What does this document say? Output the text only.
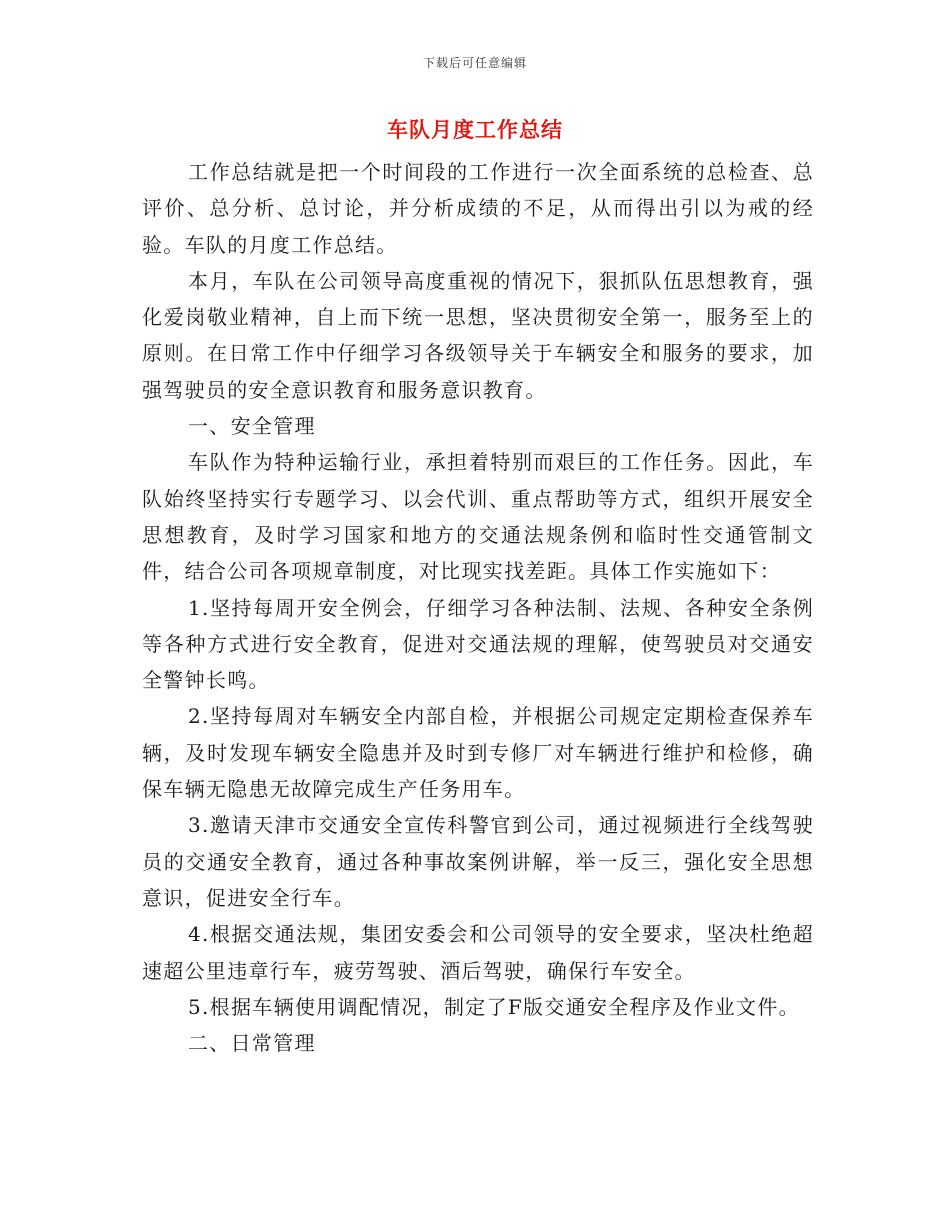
下载后可任意编辑
车队月度工作总结

工作总结就是把一个时间段的工作进行一次全面系统的总检查、总评价、总分析、总讨论，并分析成绩的不足，从而得出引以为戒的经验。车队的月度工作总结。

本月，车队在公司领导高度重视的情况下，狠抓队伍思想教育，强化爱岗敬业精神，自上而下统一思想，坚决贯彻安全第一，服务至上的原则。在日常工作中仔细学习各级领导关于车辆安全和服务的要求，加强驾驶员的安全意识教育和服务意识教育。

一、安全管理

车队作为特种运输行业，承担着特别而艰巨的工作任务。因此，车队始终坚持实行专题学习、以会代训、重点帮助等方式，组织开展安全思想教育，及时学习国家和地方的交通法规条例和临时性交通管制文件，结合公司各项规章制度，对比现实找差距。具体工作实施如下：

1.坚持每周开安全例会，仔细学习各种法制、法规、各种安全条例等各种方式进行安全教育，促进对交通法规的理解，使驾驶员对交通安全警钟长鸣。

2.坚持每周对车辆安全内部自检，并根据公司规定定期检查保养车辆，及时发现车辆安全隐患并及时到专修厂对车辆进行维护和检修，确保车辆无隐患无故障完成生产任务用车。

3.邀请天津市交通安全宣传科警官到公司，通过视频进行全线驾驶员的交通安全教育，通过各种事故案例讲解，举一反三，强化安全思想意识，促进安全行车。

4.根据交通法规，集团安委会和公司领导的安全要求，坚决杜绝超速超公里违章行车，疲劳驾驶、酒后驾驶，确保行车安全。

5.根据车辆使用调配情况，制定了F版交通安全程序及作业文件。

二、日常管理
